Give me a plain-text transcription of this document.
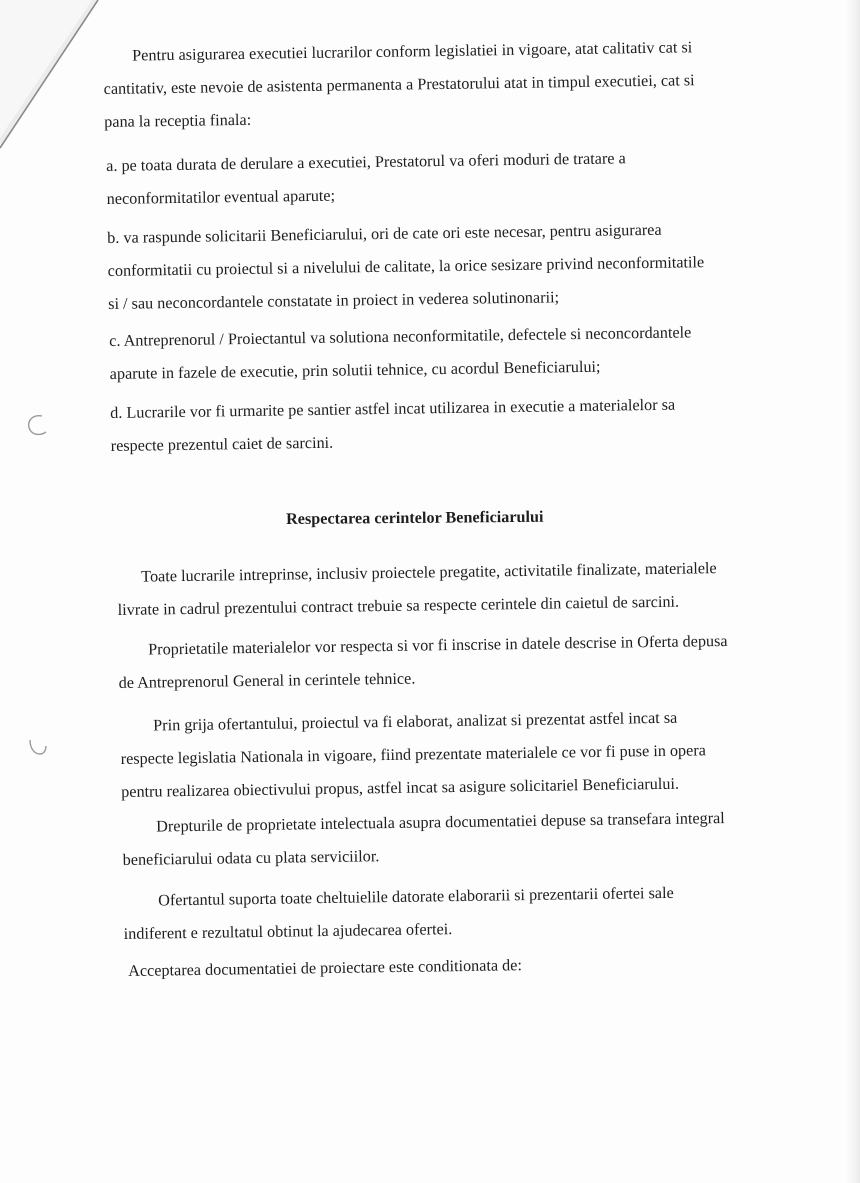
Pentru asigurarea executiei lucrarilor conform legislatiei in vigoare, atat calitativ cat si
cantitativ, este nevoie de asistenta permanenta a Prestatorului atat in timpul executiei, cat si
pana la receptia finala:
a. pe toata durata de derulare a executiei, Prestatorul va oferi moduri de tratare a
neconformitatilor eventual aparute;
b. va raspunde solicitarii Beneficiarului, ori de cate ori este necesar, pentru asigurarea
conformitatii cu proiectul si a nivelului de calitate, la orice sesizare privind neconformitatile
si / sau neconcordantele constatate in proiect in vederea solutinonarii;
c. Antreprenorul / Proiectantul va solutiona neconformitatile, defectele si neconcordantele
aparute in fazele de executie, prin solutii tehnice, cu acordul Beneficiarului;
d. Lucrarile vor fi urmarite pe santier astfel incat utilizarea in executie a materialelor sa
respecte prezentul caiet de sarcini.
Respectarea cerintelor Beneficiarului
Toate lucrarile intreprinse, inclusiv proiectele pregatite, activitatile finalizate, materialele
livrate in cadrul prezentului contract trebuie sa respecte cerintele din caietul de sarcini.
Proprietatile materialelor vor respecta si vor fi inscrise in datele descrise in Oferta depusa
de Antreprenorul General in cerintele tehnice.
Prin grija ofertantului, proiectul va fi elaborat, analizat si prezentat astfel incat sa
respecte legislatia Nationala in vigoare, fiind prezentate materialele ce vor fi puse in opera
pentru realizarea obiectivului propus, astfel incat sa asigure solicitariel Beneficiarului.
Drepturile de proprietate intelectuala asupra documentatiei depuse sa transefara integral
beneficiarului odata cu plata serviciilor.
Ofertantul suporta toate cheltuielile datorate elaborarii si prezentarii ofertei sale
indiferent e rezultatul obtinut la ajudecarea ofertei.
Acceptarea documentatiei de proiectare este conditionata de:
